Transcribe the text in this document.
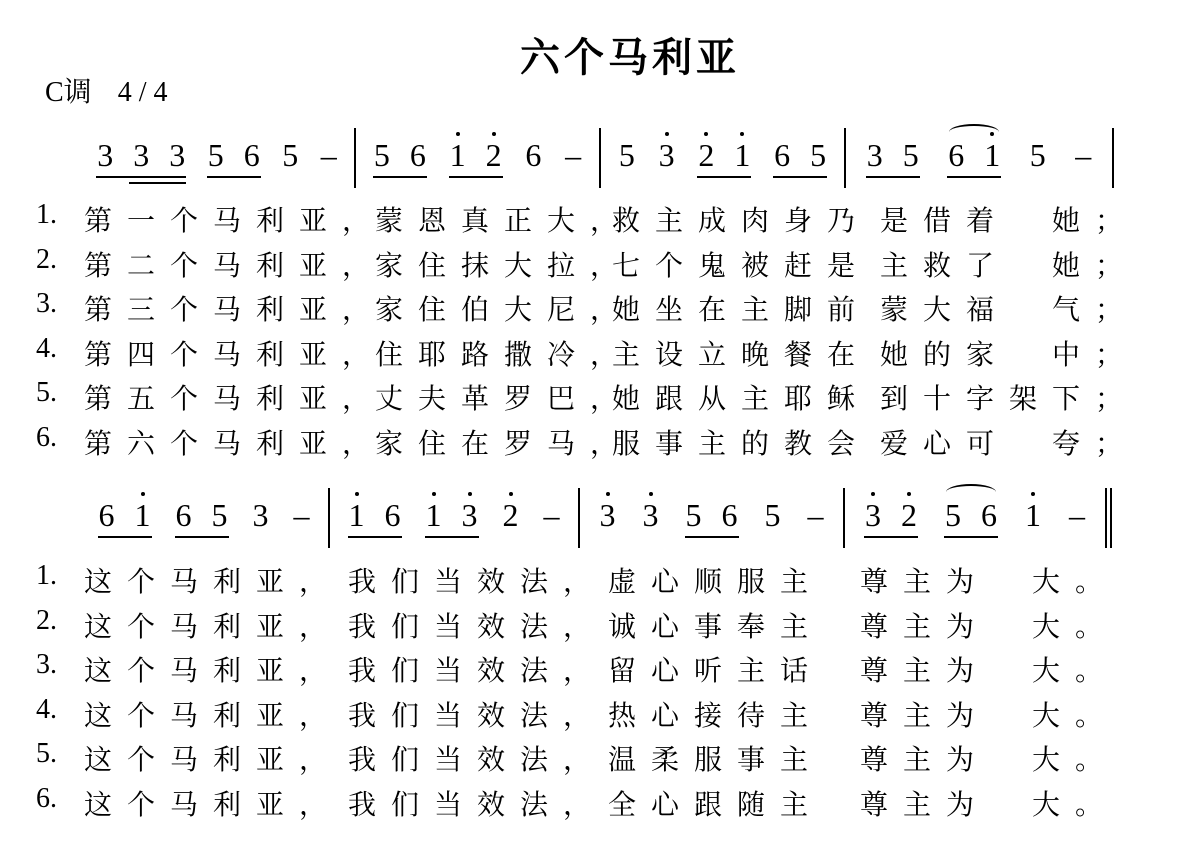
六个马利亚
C调 4 / 4
3 3 3 5 6 5 – 5 6 1 2 6 – 5 3 2 1 6 5 3 5 6 1 5 –
1. 第一个马利亚，
蒙恩真正大，
救主成肉身乃 是借着　她；
2. 第二个马利亚，
家住抹大拉，
七个鬼被赶是 主救了　她；
3. 第三个马利亚，
家住伯大尼，
她坐在主脚前 蒙大福　气；
4. 第四个马利亚，
住耶路撒冷，
主设立晚餐在 她的家　中；
5. 第五个马利亚，
丈夫革罗巴，
她跟从主耶稣 到十字架下；
6. 第六个马利亚，
家住在罗马，
服事主的教会 爱心可　夸；
6 1 6 5 3 – 1 6 1 3 2 – 3 3 5 6 5 – 3 2 5 6 1 –
1. 这个马利亚， 我们当效法， 虚心顺服主 尊主为　大。
2. 这个马利亚， 我们当效法， 诚心事奉主 尊主为　大。
3. 这个马利亚， 我们当效法， 留心听主话 尊主为　大。
4. 这个马利亚， 我们当效法， 热心接待主 尊主为　大。
5. 这个马利亚， 我们当效法， 温柔服事主 尊主为　大。
6. 这个马利亚， 我们当效法， 全心跟随主 尊主为　大。
